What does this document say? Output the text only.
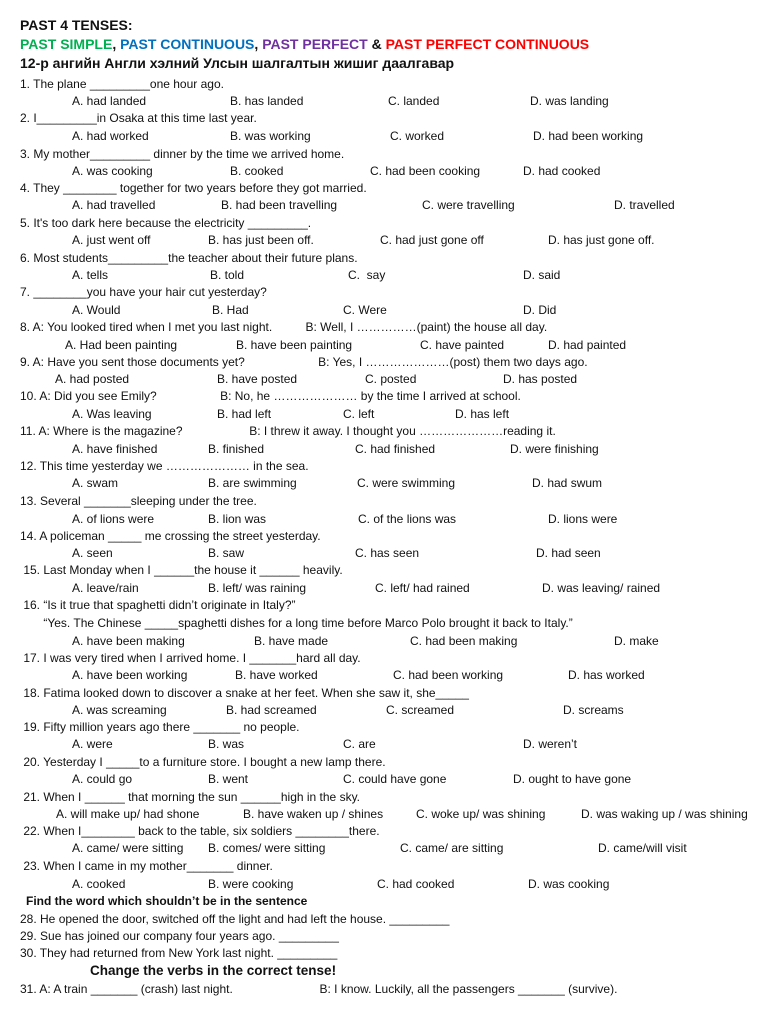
PAST 4 TENSES:
PAST SIMPLE, PAST CONTINUOUS, PAST PERFECT & PAST PERFECT CONTINUOUS
12-р ангийн Англи хэлний Улсын шалгалтын жишиг даалгавар
1. The plane _________one hour ago.
A. had landed	B. has landed	C. landed	D. was landing
2. I_________in Osaka at this time last year.
A. had worked	B. was working	C. worked	D. had been working
3. My mother_________ dinner by the time we arrived home.
A. was cooking	B. cooked	C. had been cooking	D. had cooked
4. They ________ together for two years before they got married.
A. had travelled	B. had been travelling	C. were travelling	D. travelled
5. It's too dark here because the electricity _________.
A. just went off	B. has just been off.	C. had just gone off	D. has just gone off.
6. Most students_________the teacher about their future plans.
A. tells	B. told	C.  say	D. said
7. ________you have your hair cut yesterday?
A. Would	B. Had	C. Were	D. Did
8. A: You looked tired when I met you last night.          B: Well, I ……………(paint) the house all day.
A. Had been painting	B. have been painting	C. have painted	D. had painted
9. A: Have you sent those documents yet?                      B: Yes, I …………………(post) them two days ago.
A. had posted	B. have posted	C. posted	D. has posted
10. A: Did you see Emily?                   B: No, he ………………… by the time I arrived at school.
A. Was leaving	B. had left	C. left	D. has left
11. A: Where is the magazine?                    B: I threw it away. I thought you …………………reading it.
A. have finished	B. finished	C. had finished	D. were finishing
12. This time yesterday we ………………… in the sea.
A. swam	B. are swimming	C. were swimming	D. had swum
13. Several _______sleeping under the tree.
A. of lions were	B. lion was	C. of the lions was	D. lions were
14. A policeman _____ me crossing the street yesterday.
A. seen	B. saw	C. has seen	D. had seen
15. Last Monday when I ______the house it ______ heavily.
A. leave/rain	B. left/ was raining	C. left/ had rained	D. was leaving/ rained
16. “Is it true that spaghetti didn’t originate in Italy?”
“Yes. The Chinese _____spaghetti dishes for a long time before Marco Polo brought it back to Italy.”
A. have been making	B. have made	C. had been making	D. make
17. I was very tired when I arrived home. I _______hard all day.
A. have been working	B. have worked	C. had been working	D. has worked
18. Fatima looked down to discover a snake at her feet. When she saw it, she_____
A. was screaming	B. had screamed	C. screamed	D. screams
19. Fifty million years ago there _______ no people.
A. were	B. was	C. are	D. weren’t
20. Yesterday I _____to a furniture store. I bought a new lamp there.
A. could go	B. went	C. could have gone	D. ought to have gone
21. When I ______ that morning the sun ______high in the sky.
A. will make up/ had shone	B. have waken up / shines	C. woke up/ was shining	D. was waking up / was shining
22. When I________ back to the table, six soldiers ________there.
A. came/ were sitting B. comes/ were sitting	C. came/ are sitting	D. came/will visit
23. When I came in my mother_______ dinner.
A. cooked	B. were cooking	C. had cooked	D. was cooking
Find the word which shouldn’t be in the sentence
28. He opened the door, switched off the light and had left the house. _________
29. Sue has joined our company four years ago. _________
30. They had returned from New York last night. _________
Change the verbs in the correct tense!
31. A: A train _______ (crash) last night.                          B: I know. Luckily, all the passengers _______ (survive).
